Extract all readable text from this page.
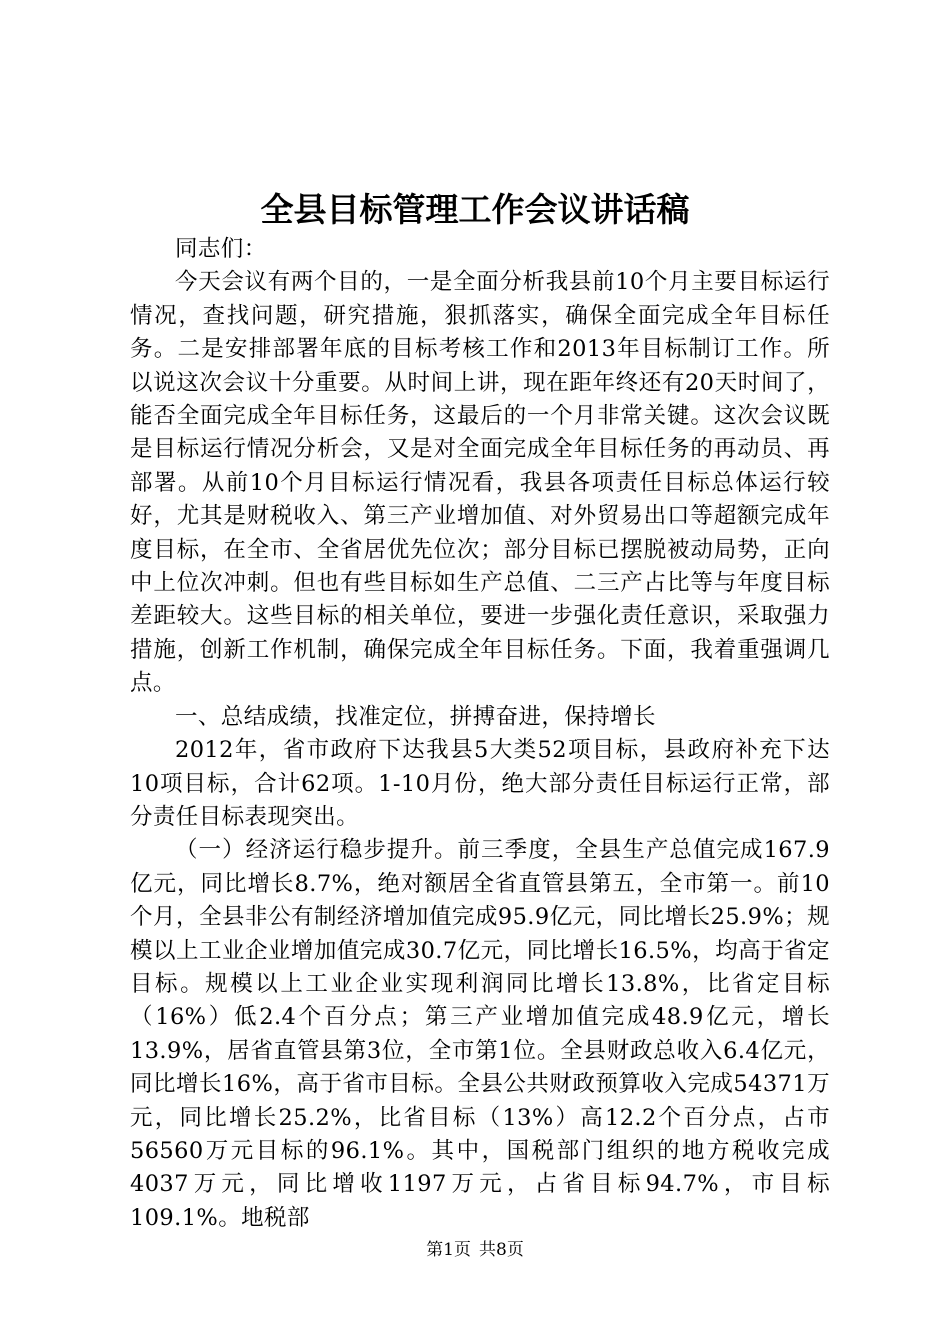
全县目标管理工作会议讲话稿

同志们：

今天会议有两个目的，一是全面分析我县前10个月主要目标运行情况，查找问题，研究措施，狠抓落实，确保全面完成全年目标任务。二是安排部署年底的目标考核工作和2013年目标制订工作。所以说这次会议十分重要。从时间上讲，现在距年终还有20天时间了，能否全面完成全年目标任务，这最后的一个月非常关键。这次会议既是目标运行情况分析会，又是对全面完成全年目标任务的再动员、再部署。从前10个月目标运行情况看，我县各项责任目标总体运行较好，尤其是财税收入、第三产业增加值、对外贸易出口等超额完成年度目标，在全市、全省居优先位次；部分目标已摆脱被动局势，正向中上位次冲刺。但也有些目标如生产总值、二三产占比等与年度目标差距较大。这些目标的相关单位，要进一步强化责任意识，采取强力措施，创新工作机制，确保完成全年目标任务。下面，我着重强调几点。

一、总结成绩，找准定位，拼搏奋进，保持增长

2012年，省市政府下达我县5大类52项目标，县政府补充下达10项目标，合计62项。1-10月份，绝大部分责任目标运行正常，部分责任目标表现突出。

（一）经济运行稳步提升。前三季度，全县生产总值完成167.9亿元，同比增长8.7%，绝对额居全省直管县第五，全市第一。前10个月，全县非公有制经济增加值完成95.9亿元，同比增长25.9%；规模以上工业企业增加值完成30.7亿元，同比增长16.5%，均高于省定目标。规模以上工业企业实现利润同比增长13.8%，比省定目标（16%）低2.4个百分点；第三产业增加值完成48.9亿元，增长13.9%，居省直管县第3位，全市第1位。全县财政总收入6.4亿元，同比增长16%，高于省市目标。全县公共财政预算收入完成54371万元，同比增长25.2%，比省目标（13%）高12.2个百分点，占市56560万元目标的96.1%。其中，国税部门组织的地方税收完成4037万元，同比增收1197万元，占省目标94.7%，市目标109.1%。地税部

第1页 共8页
